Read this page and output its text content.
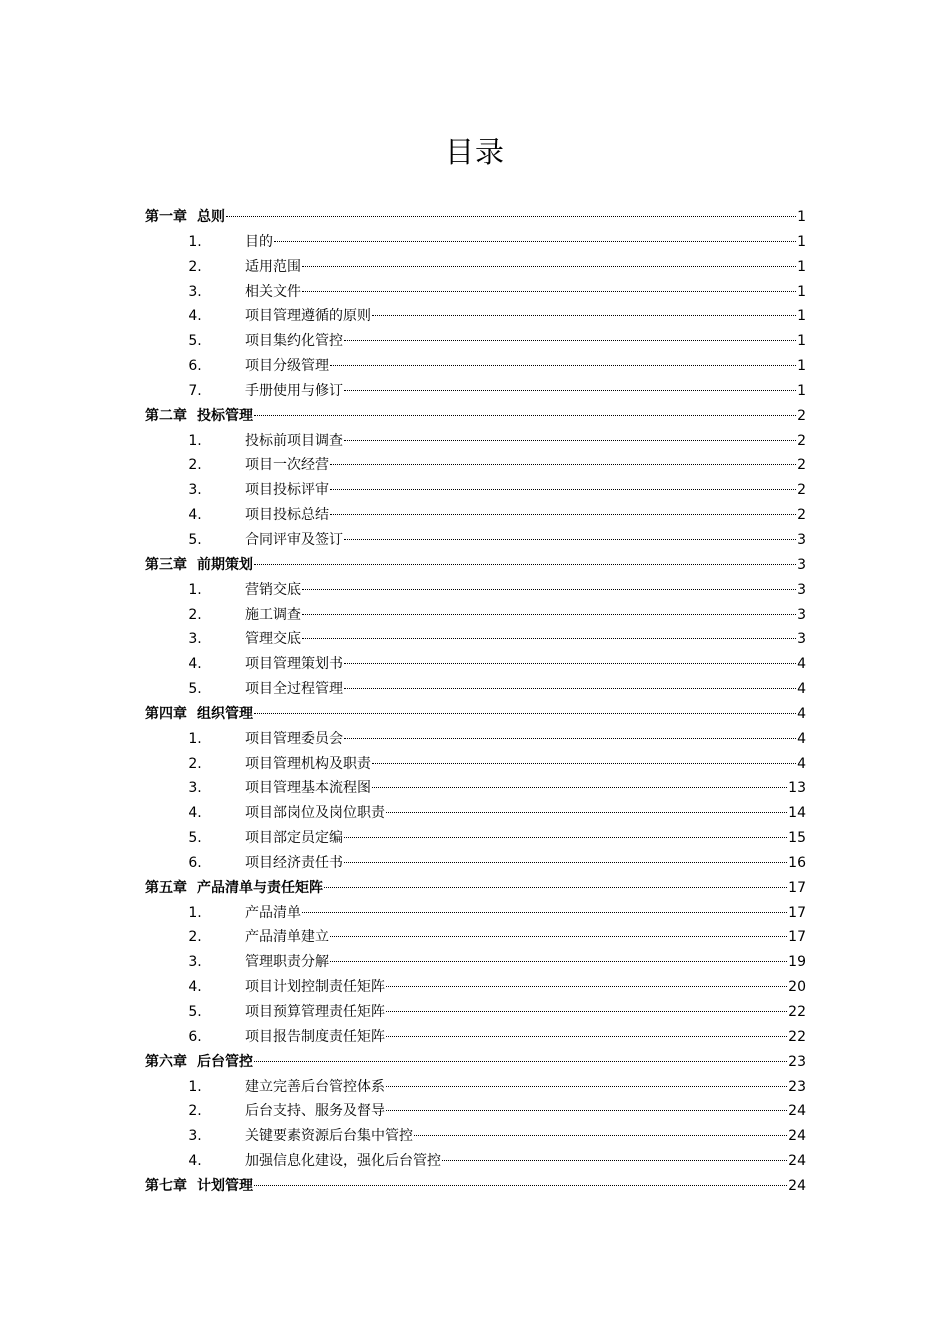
目录
第一章 总则	1
1.	目的	1
2.	适用范围	1
3.	相关文件	1
4.	项目管理遵循的原则	1
5.	项目集约化管控	1
6.	项目分级管理	1
7.	手册使用与修订	1
第二章 投标管理	2
1.	投标前项目调查	2
2.	项目一次经营	2
3.	项目投标评审	2
4.	项目投标总结	2
5.	合同评审及签订	3
第三章 前期策划	3
1.	营销交底	3
2.	施工调查	3
3.	管理交底	3
4.	项目管理策划书	4
5.	项目全过程管理	4
第四章 组织管理	4
1.	项目管理委员会	4
2.	项目管理机构及职责	4
3.	项目管理基本流程图	13
4.	项目部岗位及岗位职责	14
5.	项目部定员定编	15
6.	项目经济责任书	16
第五章 产品清单与责任矩阵	17
1.	产品清单	17
2.	产品清单建立	17
3.	管理职责分解	19
4.	项目计划控制责任矩阵	20
5.	项目预算管理责任矩阵	22
6.	项目报告制度责任矩阵	22
第六章 后台管控	23
1.	建立完善后台管控体系	23
2.	后台支持、服务及督导	24
3.	关键要素资源后台集中管控	24
4.	加强信息化建设，强化后台管控	24
第七章 计划管理	24
